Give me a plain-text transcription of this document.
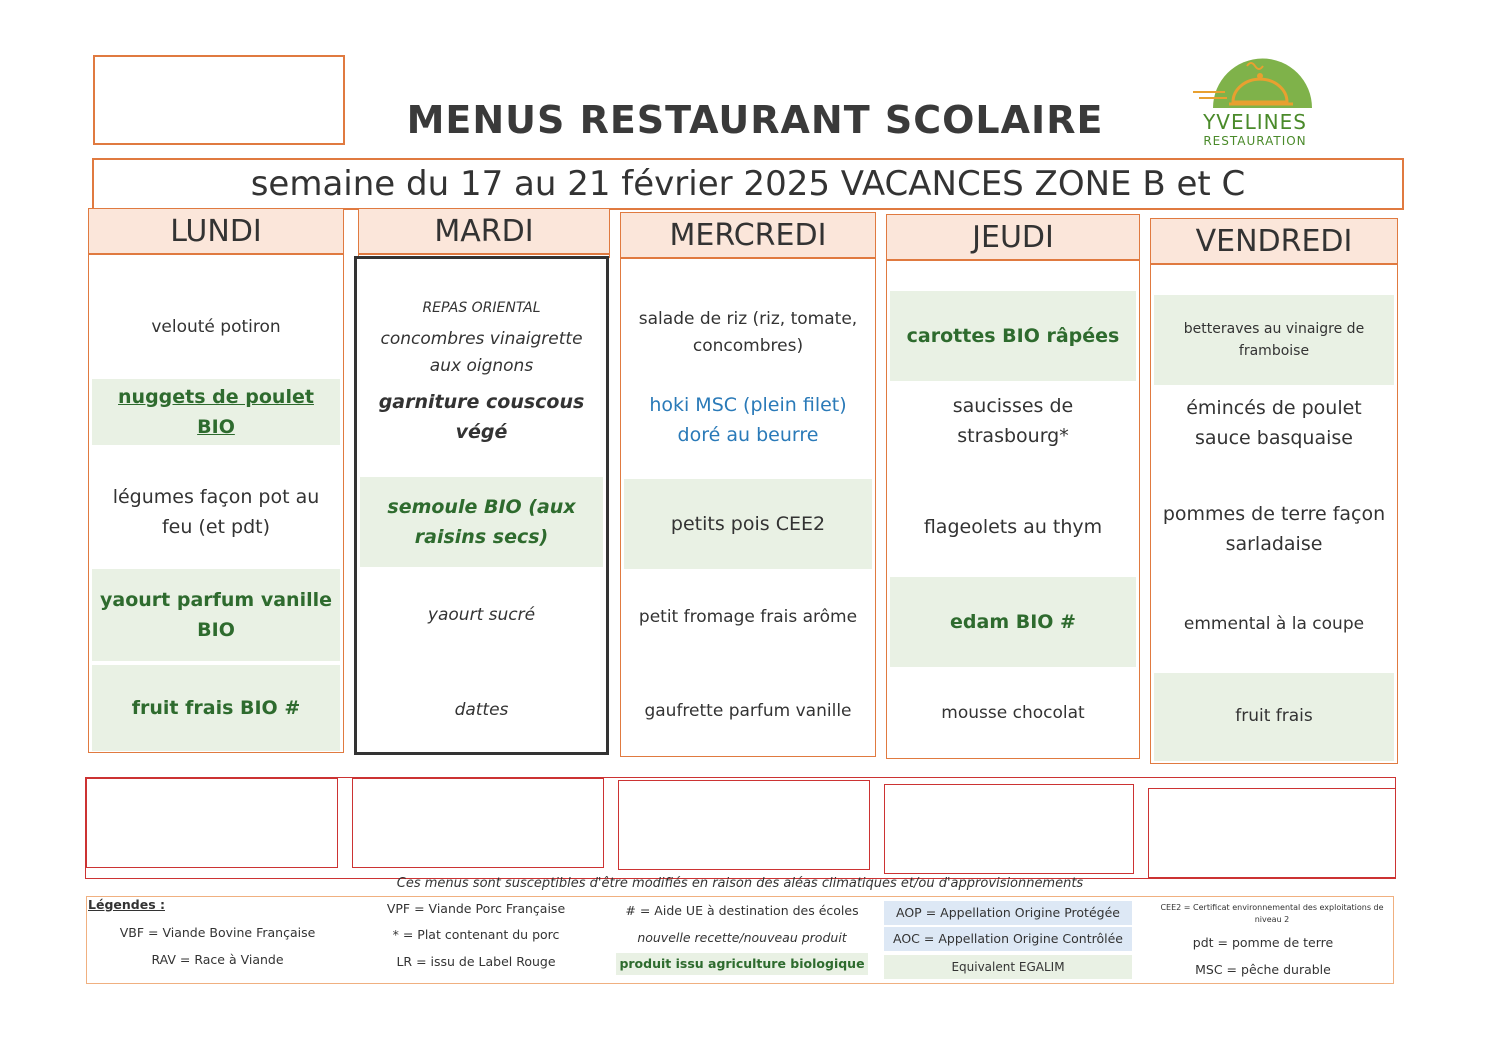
MENUS RESTAURANT SCOLAIRE	YVELINES
RESTAURATION
semaine du 17 au 21 février 2025 VACANCES ZONE B et C
LUNDI
velouté potiron
nuggets de poulet BIO
légumes façon pot au feu (et pdt)
yaourt parfum vanille BIO
fruit frais BIO #
MARDI
REPAS ORIENTAL
concombres vinaigrette aux oignons
garniture couscous végé
semoule BIO (aux raisins secs)
yaourt sucré
dattes
MERCREDI
salade de riz (riz, tomate, concombres)
hoki MSC (plein filet) doré au beurre
petits pois CEE2
petit fromage frais arôme
gaufrette parfum vanille
JEUDI
carottes BIO râpées
saucisses de strasbourg*
flageolets au thym
edam BIO #
mousse chocolat
VENDREDI
betteraves au vinaigre de framboise
émincés de poulet sauce basquaise
pommes de terre façon sarladaise
emmental à la coupe
fruit frais
Ces menus sont susceptibles d'être modifiés en raison des aléas climatiques et/ou d'approvisionnements
Légendes :
VBF = Viande Bovine Française
RAV = Race à Viande
VPF = Viande Porc Française
* = Plat contenant du porc
LR = issu de Label Rouge
# = Aide UE à destination des écoles
nouvelle recette/nouveau produit
produit issu agriculture biologique
AOP = Appellation Origine Protégée
AOC = Appellation Origine Contrôlée
Equivalent EGALIM
CEE2 = Certificat environnemental des exploitations de niveau 2
pdt = pomme de terre
MSC = pêche durable
